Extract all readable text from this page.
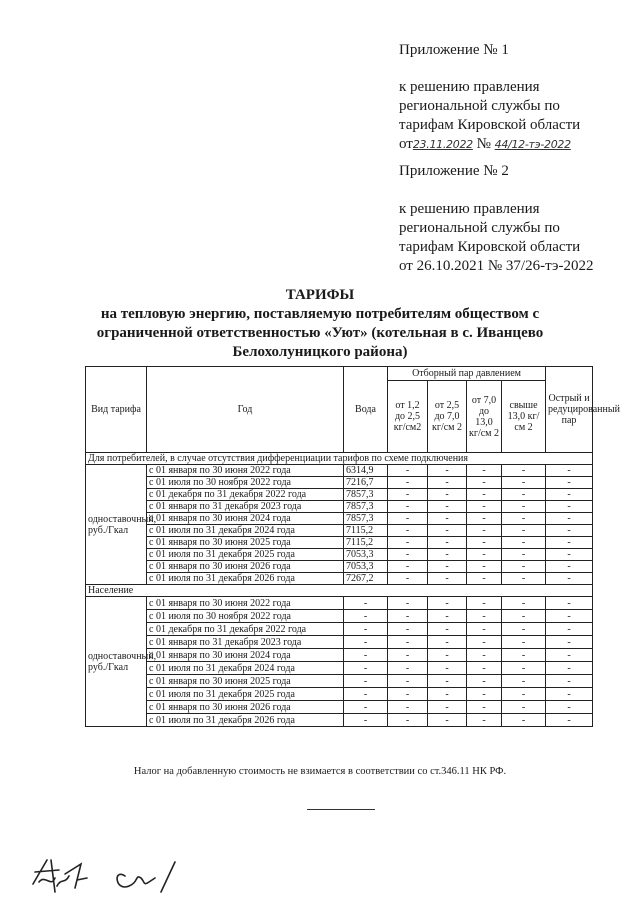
Приложение № 1
к решению правления
региональной службы по
тарифам Кировской области
от23.11.2022 № 44/12-тэ-2022
Приложение № 2
к решению правления
региональной службы по
тарифам Кировской области
от 26.10.2021 № 37/26-тэ-2022
ТАРИФЫ
на тепловую энергию, поставляемую потребителям обществом с
ограниченной ответственностью «Уют» (котельная в с. Иванцево
Белохолуницкого района)
Вид тарифа	Год	Вода	Отборный пар давлением				Острый и редуцированный пар
			от 1,2 до 2,5 кг/см2	от 2,5 до 7,0 кг/см 2	от 7,0 до 13,0 кг/см 2	свыше 13,0 кг/см 2	
Для потребителей, в случае отсутствия дифференциации тарифов по схеме подключения							
одноставочный, руб./Гкал	с 01 января по 30 июня 2022 года	6314,9	-	-	-	-	-
	с 01 июля по 30 ноября 2022 года	7216,7	-	-	-	-	-
	с 01 декабря по 31 декабря 2022 года	7857,3	-	-	-	-	-
	с 01 января по 31 декабря 2023 года	7857,3	-	-	-	-	-
	с 01 января по 30 июня 2024 года	7857,3	-	-	-	-	-
	с 01 июля по 31 декабря 2024 года	7115,2	-	-	-	-	-
	с 01 января по 30 июня 2025 года	7115,2	-	-	-	-	-
	с 01 июля по 31 декабря 2025 года	7053,3	-	-	-	-	-
	с 01 января по 30 июня 2026 года	7053,3	-	-	-	-	-
	с 01 июля по 31 декабря 2026 года	7267,2	-	-	-	-	-
Население							
одноставочный, руб./Гкал	с 01 января по 30 июня 2022 года	-	-	-	-	-	-
	с 01 июля по 30 ноября 2022 года	-	-	-	-	-	-
	с 01 декабря по 31 декабря 2022 года	-	-	-	-	-	-
	с 01 января по 31 декабря 2023 года	-	-	-	-	-	-
	с 01 января по 30 июня 2024 года	-	-	-	-	-	-
	с 01 июля по 31 декабря 2024 года	-	-	-	-	-	-
	с 01 января по 30 июня 2025 года	-	-	-	-	-	-
	с 01 июля по 31 декабря 2025 года	-	-	-	-	-	-
	с 01 января по 30 июня 2026 года	-	-	-	-	-	-
	с 01 июля по 31 декабря 2026 года	-	-	-	-	-	-
Налог на добавленную стоимость не взимается в соответствии со ст.346.11 НК РФ.
